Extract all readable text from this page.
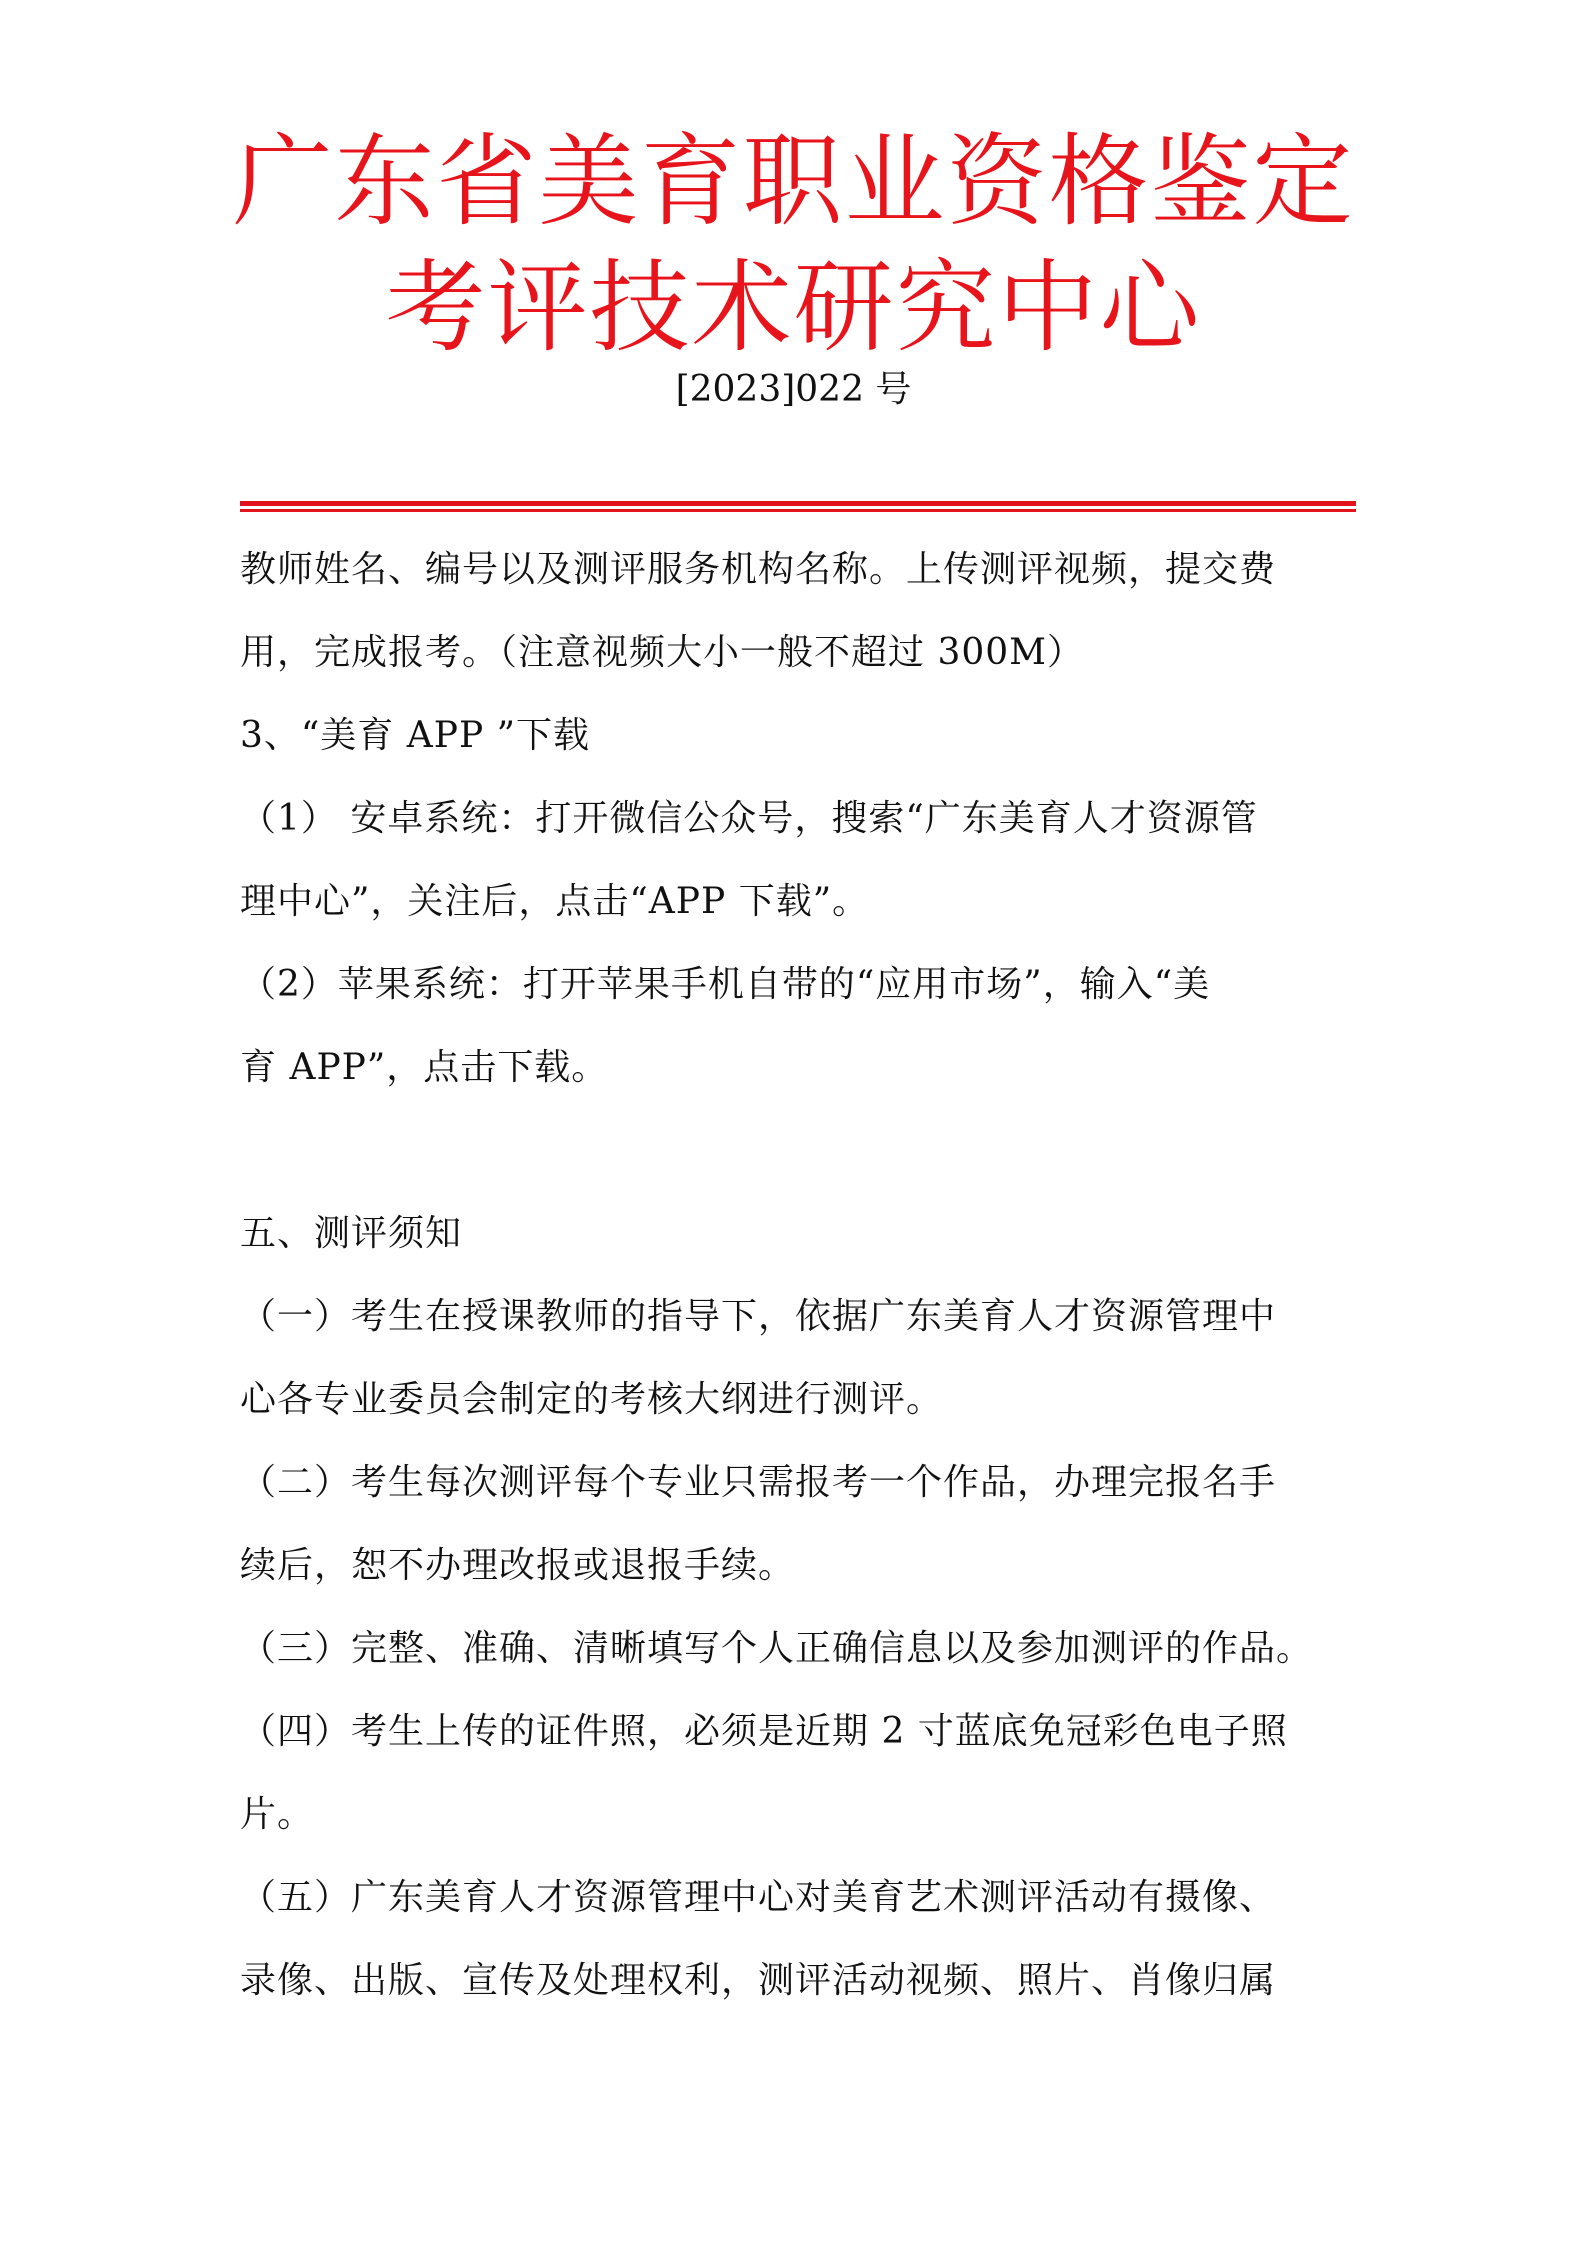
广东省美育职业资格鉴定
考评技术研究中心
[2023]022 号
教师姓名、编号以及测评服务机构名称。上传测评视频，提交费
用，完成报考。（注意视频大小一般不超过 300M）
3、“美育 APP ”下载
（1） 安卓系统：打开微信公众号，搜索“广东美育人才资源管
理中心”，关注后，点击“APP 下载”。
（2）苹果系统：打开苹果手机自带的“应用市场”，输入“美
育 APP”，点击下载。
五、测评须知
（一）考生在授课教师的指导下，依据广东美育人才资源管理中
心各专业委员会制定的考核大纲进行测评。
（二）考生每次测评每个专业只需报考一个作品，办理完报名手
续后，恕不办理改报或退报手续。
（三）完整、准确、清晰填写个人正确信息以及参加测评的作品。
（四）考生上传的证件照，必须是近期 2 寸蓝底免冠彩色电子照
片。
（五）广东美育人才资源管理中心对美育艺术测评活动有摄像、
录像、出版、宣传及处理权利，测评活动视频、照片、肖像归属
